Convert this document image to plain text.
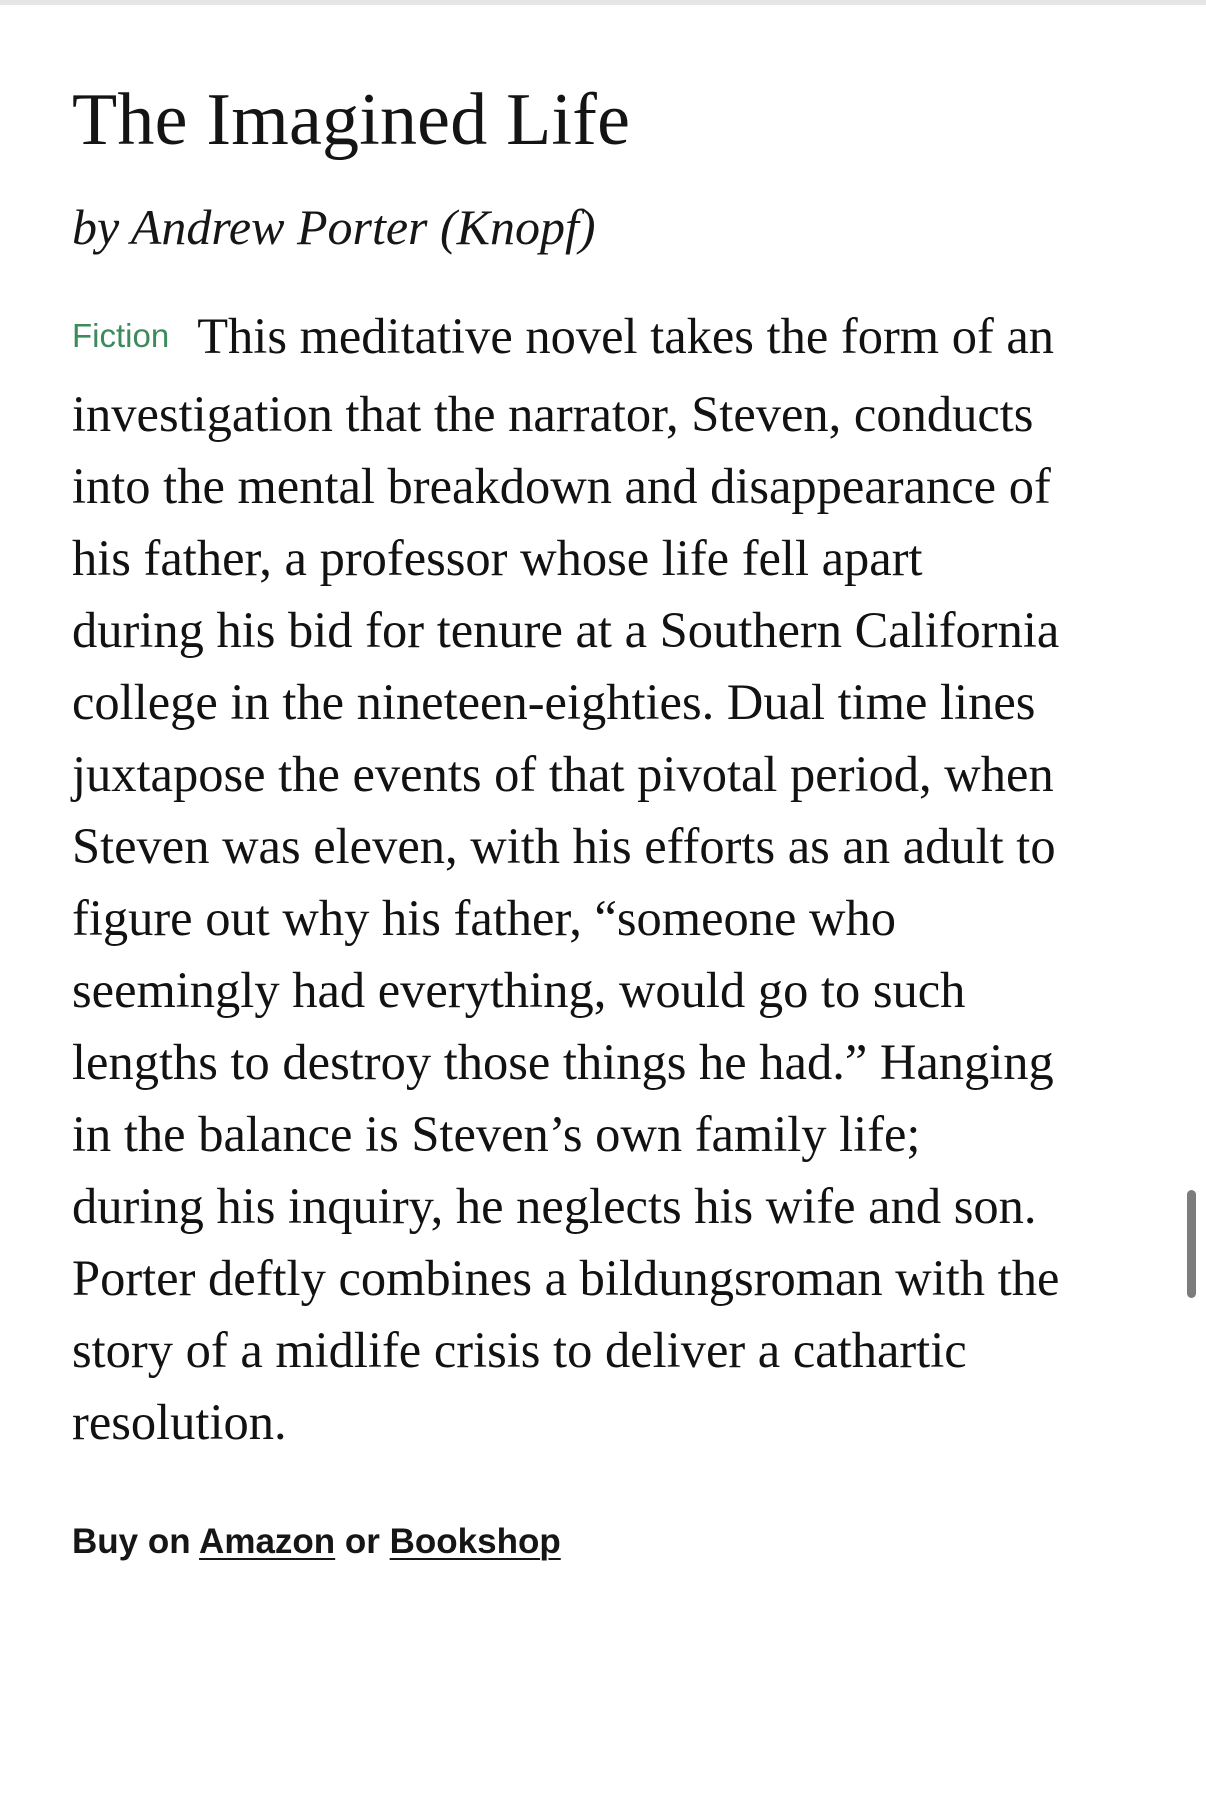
The Imagined Life

by Andrew Porter (Knopf)

Fiction This meditative novel takes the form of an investigation that the narrator, Steven, conducts into the mental breakdown and disappearance of his father, a professor whose life fell apart during his bid for tenure at a Southern California college in the nineteen-eighties. Dual time lines juxtapose the events of that pivotal period, when Steven was eleven, with his efforts as an adult to figure out why his father, “someone who seemingly had everything, would go to such lengths to destroy those things he had.” Hanging in the balance is Steven’s own family life; during his inquiry, he neglects his wife and son. Porter deftly combines a bildungsroman with the story of a midlife crisis to deliver a cathartic resolution.

Buy on Amazon or Bookshop
